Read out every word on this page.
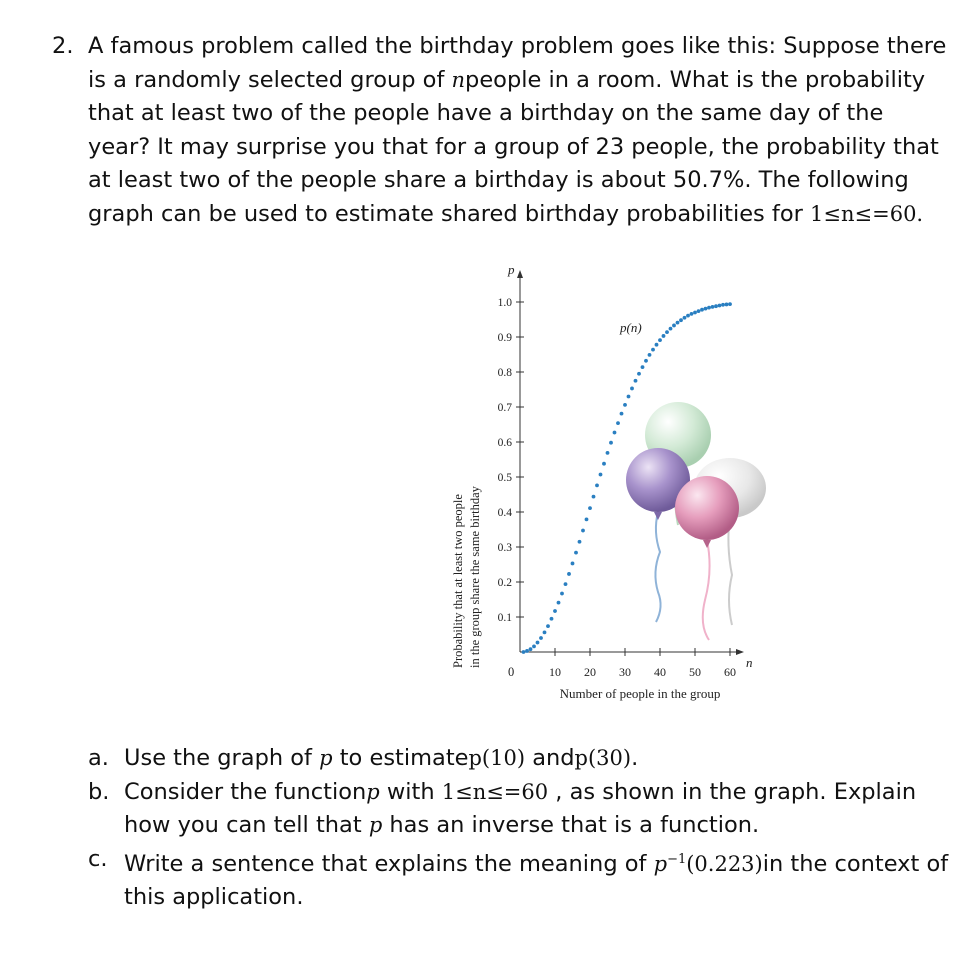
2. A famous problem called the birthday problem goes like this: Suppose there is a randomly selected group of npeople in a room. What is the probability that at least two of the people have a birthday on the same day of the year? It may surprise you that for a group of 23 people, the probability that at least two of the people share a birthday is about 50.7%. The following graph can be used to estimate shared birthday probabilities for 1≤n≤=60.
0.1
0.2
0.3
0.4
0.5
0.6
0.7
0.8
0.9
1.0
10 20 30 40 50 60
Probability that at least two people in the group share the same birthday
p
n
0
p(n)
Number of people in the group
a. Use the graph of p to estimatep(10) andp(30).
b. Consider the functionp with 1≤n≤=60 , as shown in the graph. Explain how you can tell that p has an inverse that is a function.
c. Write a sentence that explains the meaning of $p^{-1}(0.223)in$ the context of this application.
